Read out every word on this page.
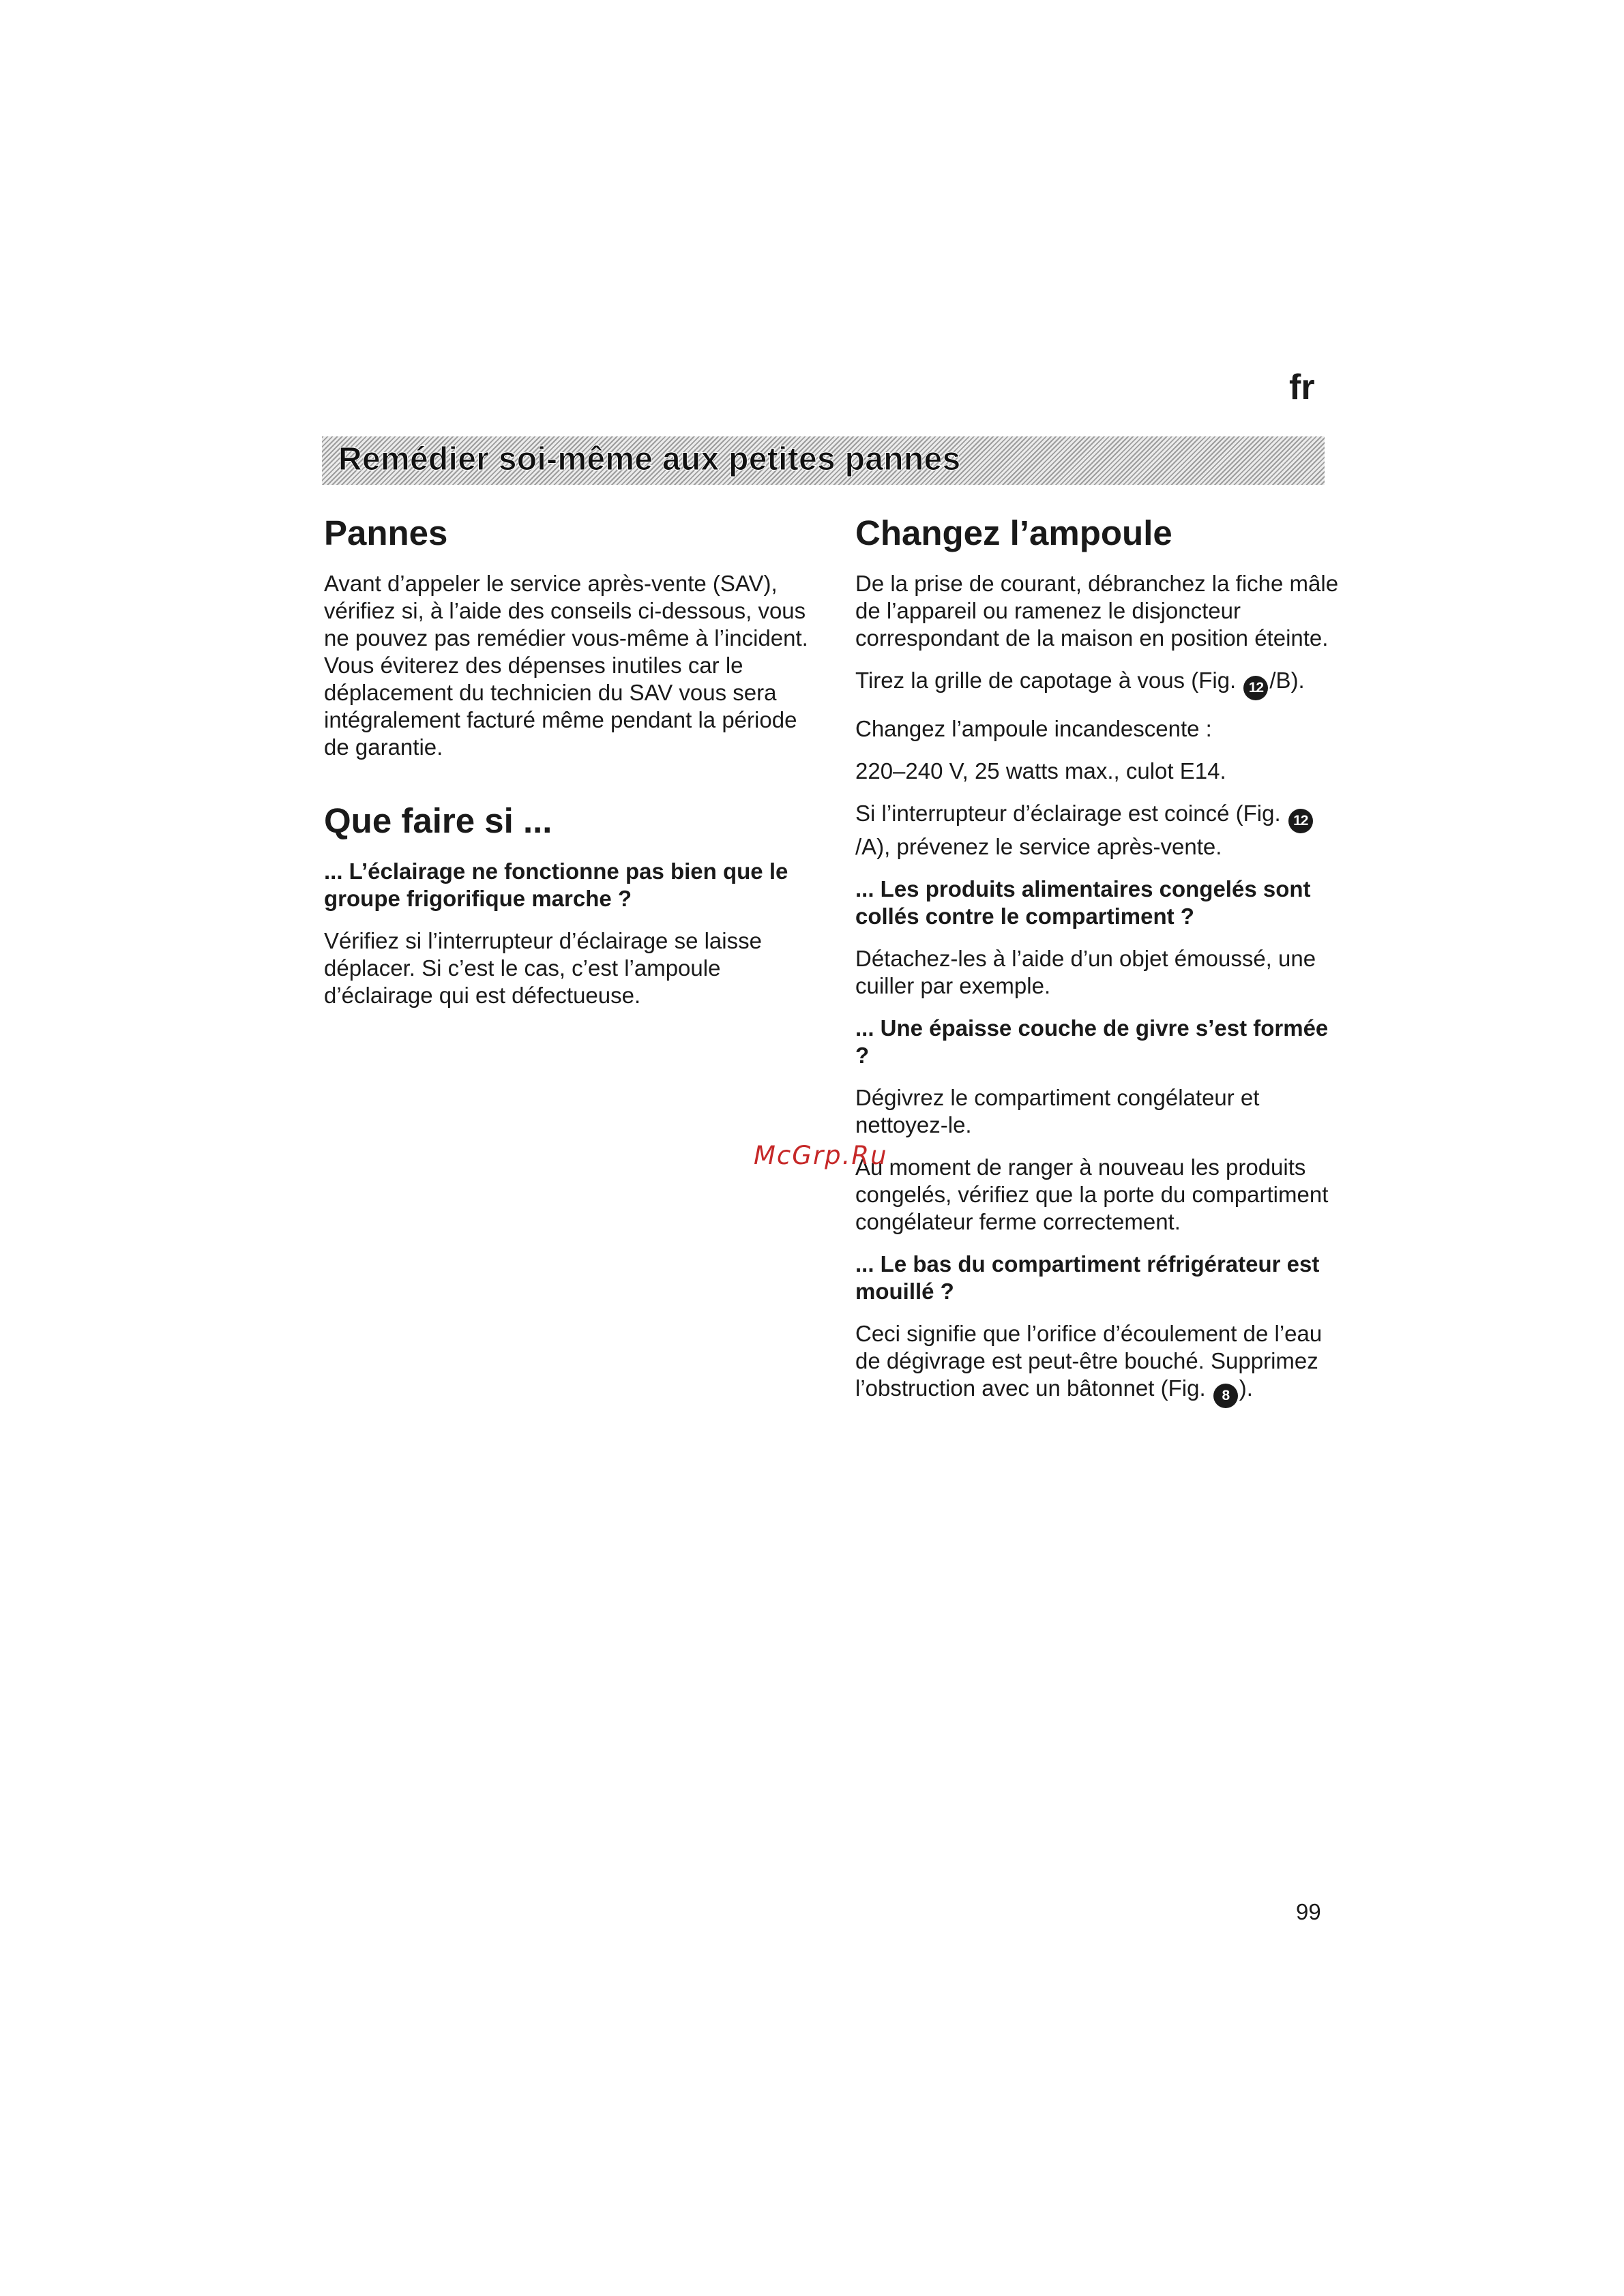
fr
Remédier soi-même aux petites pannes
Pannes

Avant d’appeler le service après-vente (SAV), vérifiez si, à l’aide des conseils ci-dessous, vous ne pouvez pas remédier vous-même à l’incident. Vous éviterez des dépenses inutiles car le déplacement du technicien du SAV vous sera intégralement facturé même pendant la période de garantie.

Que faire si ...

... L’éclairage ne fonctionne pas bien que le groupe frigorifique marche ?

Vérifiez si l’interrupteur d’éclairage se laisse déplacer. Si c’est le cas, c’est l’ampoule d’éclairage qui est défectueuse.

Changez l’ampoule

De la prise de courant, débranchez la fiche mâle de l’appareil ou ramenez le disjoncteur correspondant de la maison en position éteinte.

Tirez la grille de capotage à vous (Fig. 12 /B).

Changez l’ampoule incandescente :

220–240 V, 25 watts max., culot E14.

Si l’interrupteur d’éclairage est coincé (Fig. 12/A), prévenez le service après-vente.

... Les produits alimentaires congelés sont collés contre le compartiment ?

Détachez-les à l’aide d’un objet émoussé, une cuiller par exemple.

... Une épaisse couche de givre s’est formée ?

Dégivrez le compartiment congélateur et nettoyez-le.

Au moment de ranger à nouveau les produits congelés, vérifiez que la porte du compartiment congélateur ferme correctement.

... Le bas du compartiment réfrigérateur est mouillé ?

Ceci signifie que l’orifice d’écoulement de l’eau de dégivrage est peut-être bouché. Supprimez l’obstruction avec un bâtonnet (Fig. 8 ).

McGrp.Ru
99
